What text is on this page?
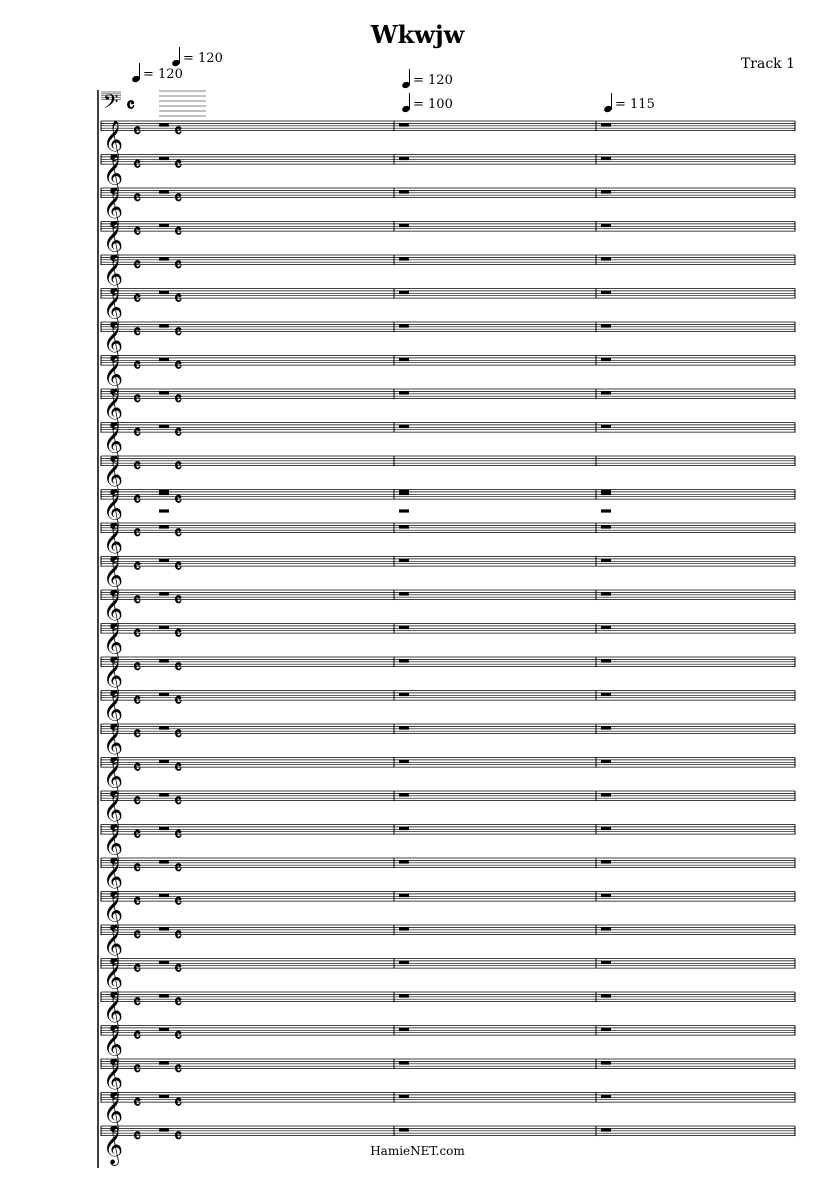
Wkwjw
Track 1
= 120
= 120
= 120
= 100	= 115
𝄢 𝄴
𝄞 𝄴 𝄴
𝄞 𝄴 𝄴
𝄞 𝄴 𝄴
𝄞 𝄴 𝄴
𝄞 𝄴 𝄴
𝄞 𝄴 𝄴
𝄞 𝄴 𝄴
𝄞 𝄴 𝄴
𝄞 𝄴 𝄴
𝄞 𝄴 𝄴
𝄞 𝄴 𝄴
𝄞 𝄴 𝄴
𝄞 𝄴 𝄴
𝄞 𝄴 𝄴
𝄞 𝄴 𝄴
𝄞 𝄴 𝄴
𝄞 𝄴 𝄴
𝄞 𝄴 𝄴
𝄞 𝄴 𝄴
𝄞 𝄴 𝄴
𝄞 𝄴 𝄴
𝄞 𝄴 𝄴
𝄞 𝄴 𝄴
𝄞 𝄴 𝄴
𝄞 𝄴 𝄴
𝄞 𝄴 𝄴
𝄞 𝄴 𝄴
𝄞 𝄴 𝄴
𝄞 𝄴 𝄴
𝄞 𝄴 𝄴
𝄞 𝄴 𝄴
HamieNET.com
